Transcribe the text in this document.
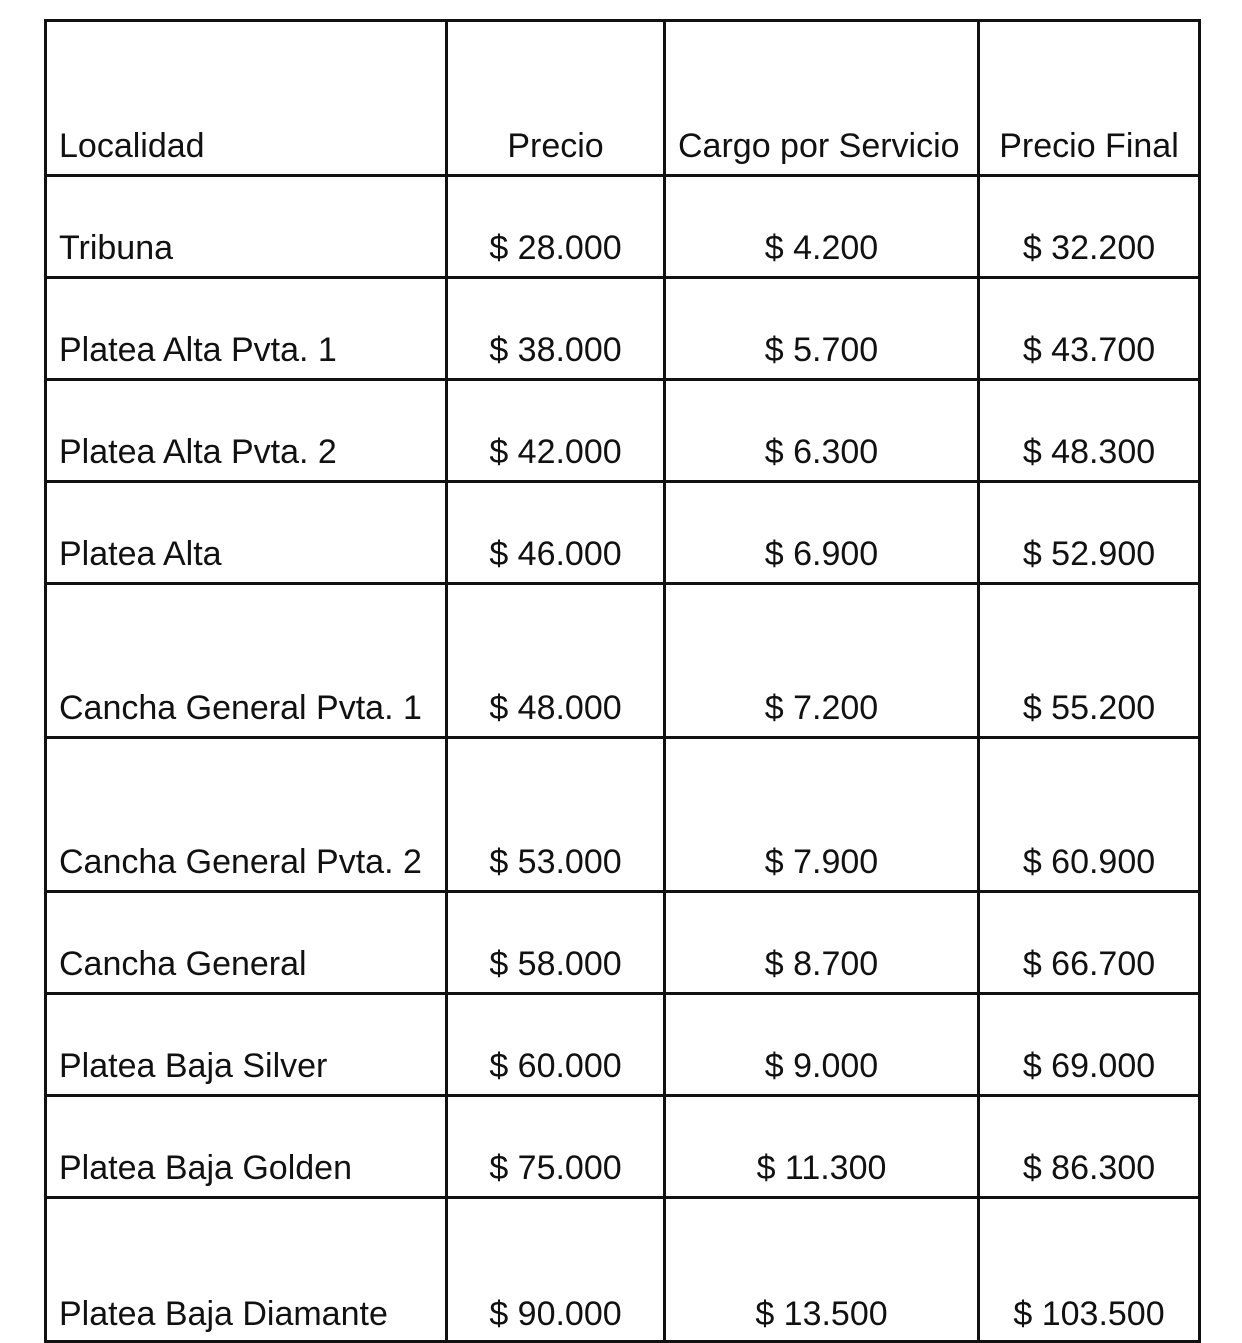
Localidad	Precio	Cargo por Servicio	Precio Final
Tribuna	$ 28.000	$ 4.200	$ 32.200
Platea Alta Pvta. 1	$ 38.000	$ 5.700	$ 43.700
Platea Alta Pvta. 2	$ 42.000	$ 6.300	$ 48.300
Platea Alta	$ 46.000	$ 6.900	$ 52.900
Cancha General Pvta. 1	$ 48.000	$ 7.200	$ 55.200
Cancha General Pvta. 2	$ 53.000	$ 7.900	$ 60.900
Cancha General	$ 58.000	$ 8.700	$ 66.700
Platea Baja Silver	$ 60.000	$ 9.000	$ 69.000
Platea Baja Golden	$ 75.000	$ 11.300	$ 86.300
Platea Baja Diamante	$ 90.000	$ 13.500	$ 103.500
